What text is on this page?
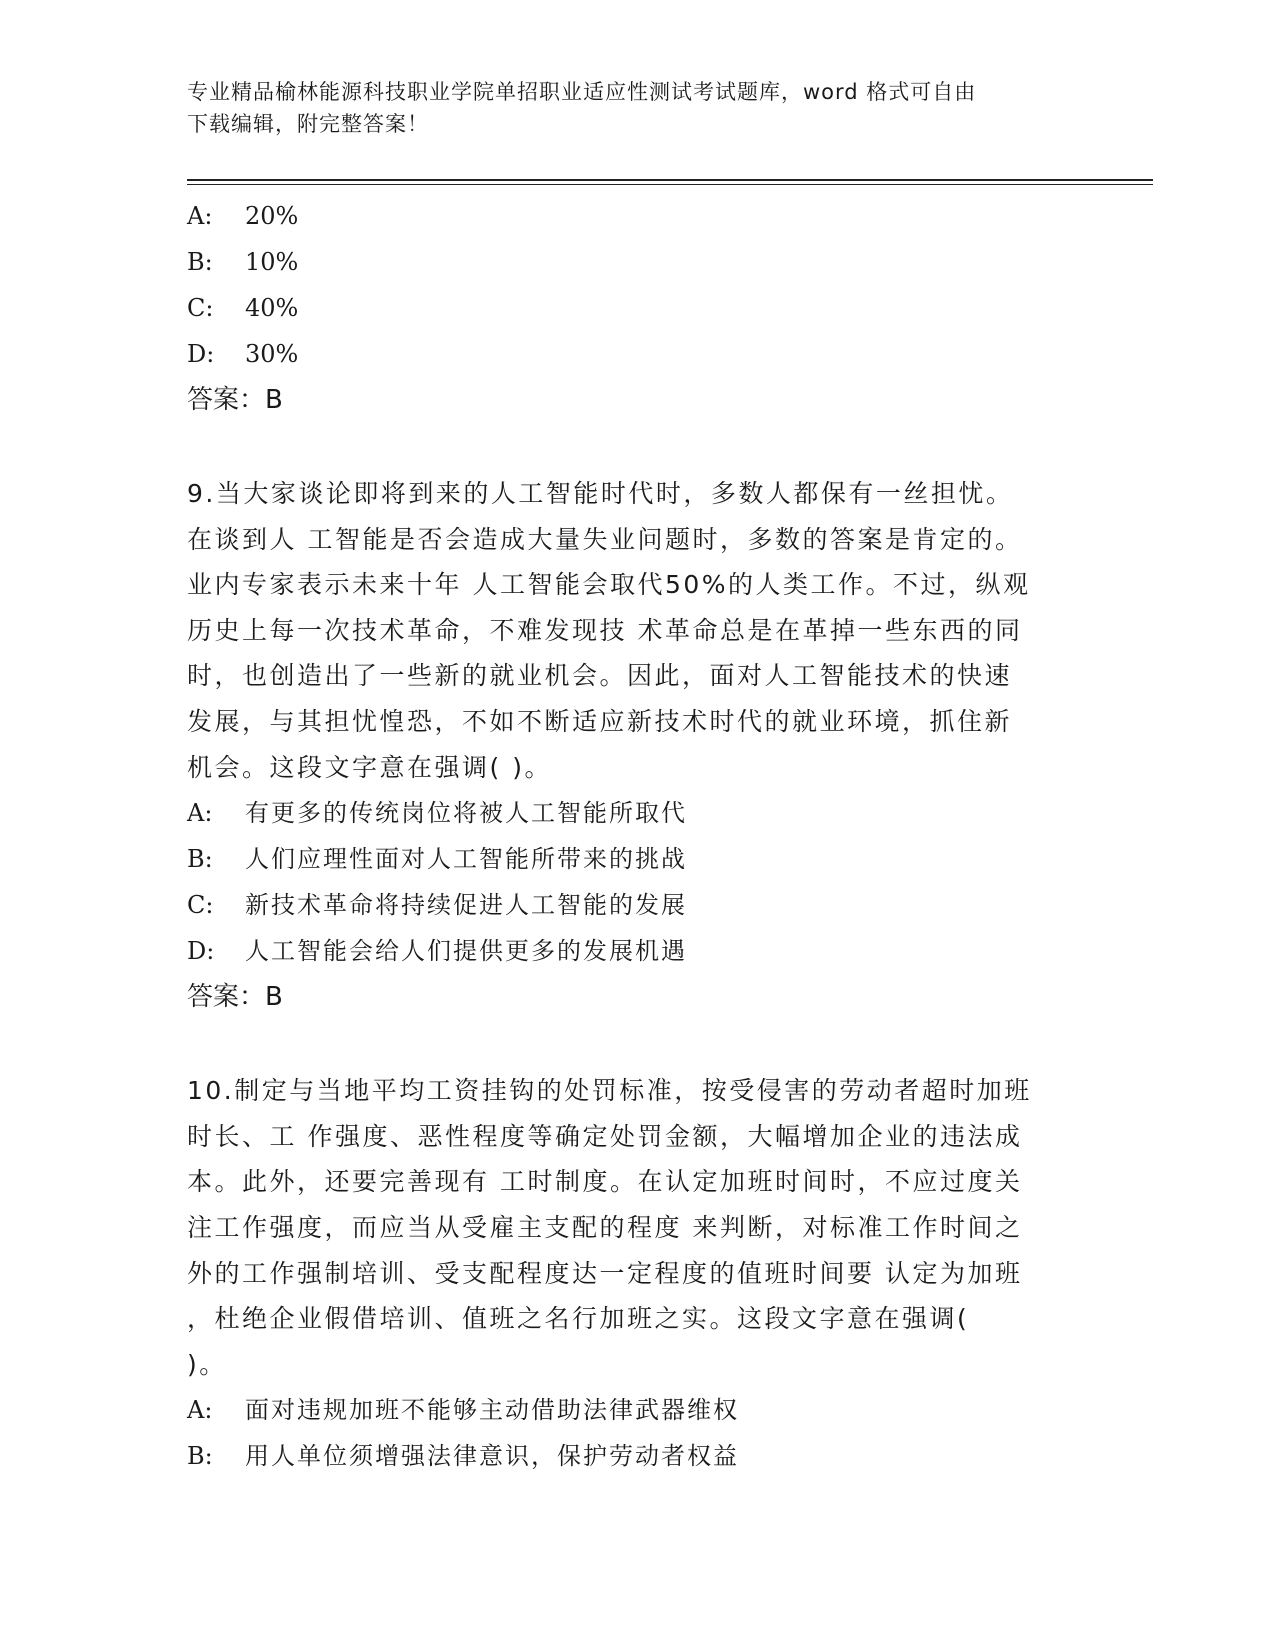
专业精品榆林能源科技职业学院单招职业适应性测试考试题库，word 格式可自由
下载编辑，附完整答案！
A: 20%
B: 10%
C: 40%
D: 30%
答案：B
9.当大家谈论即将到来的人工智能时代时，多数人都保有一丝担忧。
在谈到人 工智能是否会造成大量失业问题时，多数的答案是肯定的。
业内专家表示未来十年 人工智能会取代50%的人类工作。不过，纵观
历史上每一次技术革命，不难发现技 术革命总是在革掉一些东西的同
时，也创造出了一些新的就业机会。因此，面对人工智能技术的快速
发展，与其担忧惶恐，不如不断适应新技术时代的就业环境，抓住新
机会。这段文字意在强调( )。
A: 有更多的传统岗位将被人工智能所取代
B: 人们应理性面对人工智能所带来的挑战
C: 新技术革命将持续促进人工智能的发展
D: 人工智能会给人们提供更多的发展机遇
答案：B
10.制定与当地平均工资挂钩的处罚标准，按受侵害的劳动者超时加班
时长、工 作强度、恶性程度等确定处罚金额，大幅增加企业的违法成
本。此外，还要完善现有 工时制度。在认定加班时间时，不应过度关
注工作强度，而应当从受雇主支配的程度 来判断，对标准工作时间之
外的工作强制培训、受支配程度达一定程度的值班时间要 认定为加班
，杜绝企业假借培训、值班之名行加班之实。这段文字意在强调(
)。
A: 面对违规加班不能够主动借助法律武器维权
B: 用人单位须增强法律意识，保护劳动者权益
